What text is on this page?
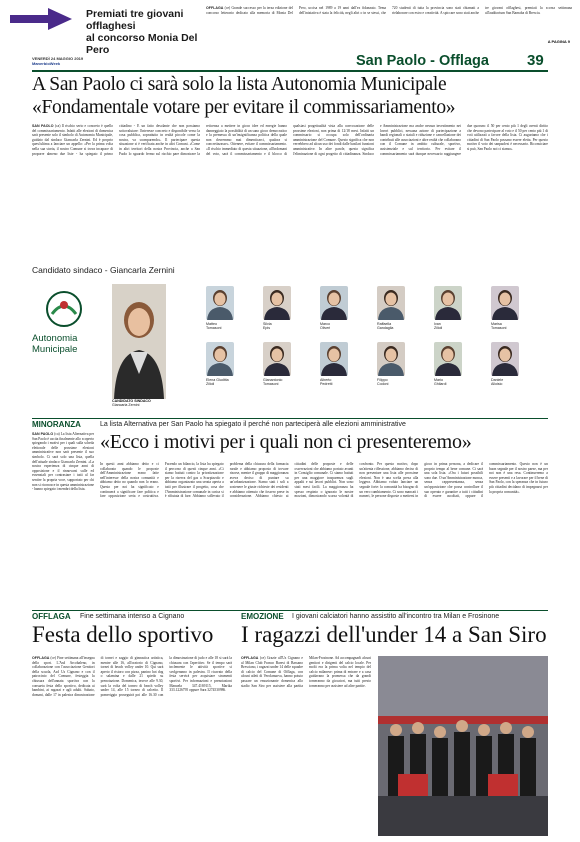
Premiati tre giovani offlaghesi
al concorso Monia Del Pero
OFFLAGA (ce) Grande successo per la terza edizione del concorso letterario dedicato alla memoria di Monia Del Pero, uccisa nel 1989 a 19 anni dall'ex fidanzato. Tema dell'iniziativa è stata la felicità, negli altri o in se stessi, che 720 studenti di tutta la provincia sono stati chiamati a rielaborare con estro e creatività. A spiccare sono stati anche tre giovani offlaghesi, premiati la scorsa settimana all'auditorium San Barnaba di Brescia.
A PAGINA 9
VENERDÌ 24 MAGGIO 2019
ManerbioWeek	San Paolo - Offlaga	39
A San Paolo ci sarà solo la lista Autonomia Municipale
«Fondamentale votare per evitare il commissariamento»
SAN PAOLO (ca) Il rischio serio e concreto è quello del commissariamento. Infatti alle elezioni di domenica sarà presente solo il simbolo di Autonomia Municipale, guidato dal sindaco Giancarla Zernini. Ed è proprio quest'ultima a lanciare un appello: «Per la prima volta nella sua storia, il nostro Comune si trova incapace di proporre almeno due liste - ha spiegato il primo cittadino - E un fatto desolante che non possiamo sottovalutare: l'interesse concreto e disponibile verso la cosa pubblica, soprattutto in realtà piccole come la nostra, va scomparendo». Il partecipare questa situazione si è verificata anche in altri Comuni. «Come in altri territori della nostra Provincia, anche a San Paolo lo sguardo fermo sul rischio pare dimostrare la reticenza a mettere in gioco idee ed energie hanno danneggiato la possibilità di un sano gioco democratico e la premessa di un'insignificanza politica della quale non dovremmo mai dimenticarci, qualora si concretizzasse». Ottenere, evitare il commissariamento. «Il rischio immediato di questa situazione, all'indomani del voto, sarà il commissariamento e il blocco di qualsiasi progettualità vista alla convocazione delle prossime elezioni, non prima di 12/18 mesi. Infatti un commissario si occupa solo dell'ordinaria amministrazione del Comune. Questo significa che non verrebbero ad alcun uso dei fondi dalle basilari funzioni amministrative. In altre parole, questo significa l'eliminazione di ogni progetto di cittadinanza. Sindaco e Amministrazione ma anche nessun investimento nei lavori pubblici, nessuna azione di partecipazione a bandi regionali o statali e riduzione e cancellazione dei contributi alle associazioni e altre realtà che collaborano con il Comune in ambito culturale, sportivo, assistenziale e sul territorio. Per evitare il commissariamento sarà dunque necessario raggiungere due quorum: il 50 per cento più 1 degli aventi diritto che devono partecipare al voto e il 50 per cento più 1 di voti utilizzati a favore della lista. Ci auguriamo che i cittadini di San Paolo possano essere eletta. Per questo motivo il voto dei sanpaolesi è necessario. Riconsiciare si può, San Paolo noi ci siamo».
Candidato sindaco - Giancarla Zernini
Autonomia
Municipale
CANDIDATO SINDACO
Giancarla Zernini
Matteo
Tomasoni
Silvia
Epis
Marco
Oliveri
Raffaella
Gandaglia
Ivan
Zilioli
Marisa
Tomasoni
Elena Giuditta
Zilioli
Gianantonio
Tomasoni
Alberto
Pedretti
Filippo
Codoni
Mario
Ghilardi
Daniele
Alloisio
MINORANZA	La lista Alternativa per San Paolo ha spiegato il perché non parteciperà alle elezioni amministrative
«Ecco i motivi per i quali non ci presenteremo»
SAN PAOLO (ca) La lista Alternativa per San Paolo è uscita finalmente allo scoperto spiegando i motivi per i quali sulla scheda elettorale delle prossime elezioni amministrative non sarà presente il suo simbolo. Ci sarà solo una lista, quella dell'attuale sindaco Giancarla Zernini. «La nostra esperienza di cinque anni di opposizione e il rinnovarsi sulle ed essenziali per contrastare i tutti al far sentire la propria voce, supportato per chi non si riconosce in questa amministrazione - hanno spiegato i membri della lista.
In questi anni abbiamo detto e ci collaborato quando le proposte dell'Amministrazione erano fatte nell'interesse della nostra comunità e abbiamo detto no quando non lo erano. Questo per noi ha significato e continuerà a significare fare politica e fare opposizione seria e costruttiva. Facendo un bilancio, la lista ha spiegato il percorso di questi cinque anni. «Ci siamo battuti contro la privatizzazione per la riserva del gas a Scarpizzolo e abbiamo organizzato una serata aperta a tutti per illustrare il progetto, cosa che l'Amministrazione comunale in carica si è rifiutata di fare. Abbiamo sollevato il problema della chiusura della farmacia rurale e abbiamo proposto di trovare risorse, mentre il gruppo di maggioranza aveva deciso di puntare su un'urbanizzazione. Siamo stati i soli a sostenere le giuste richieste dei residenti e abbiamo ottenuto che fossero prese in considerazione. Abbiamo chiesto ai cittadini delle proposte e delle osservazioni che abbiamo portato avanti in Consiglio comunale. Ci siamo battuti per una maggiore trasparenza sugli appalti e sui lavori pubblici. Non sono stati mesi facili. La maggioranza ha spesso respinto o ignorato le nostre mozioni, dimostrando scarsa volontà di confronto. Per questo motivo, dopo un'attenta riflessione, abbiamo deciso di non presentare una lista alle prossime elezioni. Non è una scelta presa alla leggera. Abbiamo voluto lanciare un segnale forte: la comunità ha bisogno di un vero cambiamento. Ci sono mancati i numeri, le persone disposte a mettersi in gioco in prima persona, a dedicare il proprio tempo al bene comune. Ci sarà una sola lista. «Ora i futuri possibili sono due. O un'Amministrazione monca, senza rappresentanza, senza un'opposizione che possa controllare il suo operato e garantire a tutti i cittadini di essere ascoltati, oppure il commissariamento. Questo non è un buon segnale per il nostro paese, ma per noi non è una resa. Continueremo a essere presenti e a lavorare per il bene di San Paolo, con la speranza che in futuro più cittadini decidano di impegnarsi per la propria comunità».
OFFLAGA Fine settimana intenso a Cignano
Festa dello sportivo
OFFLAGA (ce) Fine settimana all'insegna dello sport. L'Asd Arcobaleno, in collaborazione con l'associazione Genitori della scuola, Asd Us Cignano e con il patrocinio del Comune, festeggia la chiusura dell'annata sportiva con la consueta festa dello sportivo, dedicata ai bambini, ai ragazzi e agli adulti. Sabato, domani, dalle 17 in palestra dimostrazione di tornei e saggio di ginnastica artistica, mentre alle 16, all'oratorio di Cignano, tornei di beach volley under 10. Qui sarà aperto il ristoro con pizza, panino hot dog o salamina e dalle 21 spiedo su prenotazione. Domenica, invece alle 9.30, sarà la volta del torneo di beach volley under 14, alle 15 torneo di calcetto. Il pomeriggio proseguirà poi alle 16.30 con la dimostrazione di judo e alle 18 si sarà la chiusura con l'aperitivo. Se il tempo sarà inclemente le attività sportive si svolgeranno in palestra. Il ricavato della festa servirà per acquistare strumenti sportivi. Per informazioni e prenotazioni Manuela 347.4169115, Marika 333.1226795 oppure Sara 3274530986.
EMOZIONE I giovani calciatori hanno assistito all'incontro tra Milan e Frosinone
I ragazzi dell'under 14 a San Siro
OFFLAGA (ce) Grazie all'Us Cignano e al Milan Club Franco Baresi di Bassano Bresciano, i ragazzi under 14 delle squadre di calcio del Comune di Offlaga, con alcuni atleti di Verolanuova, hanno potuto passare un emozionante domenica allo stadio San Siro per assistere alla partita Milan-Frosinone. Ad accompagnarli alcuni genitori e dirigenti del calcio locale. Per molti era la prima volta nel tempio del calcio milanese: prima di entrare e a casa guidavano la promessa che da grandi torneranno da giocatori, ma tutti presto torneranno per assistere ad altre partite.
